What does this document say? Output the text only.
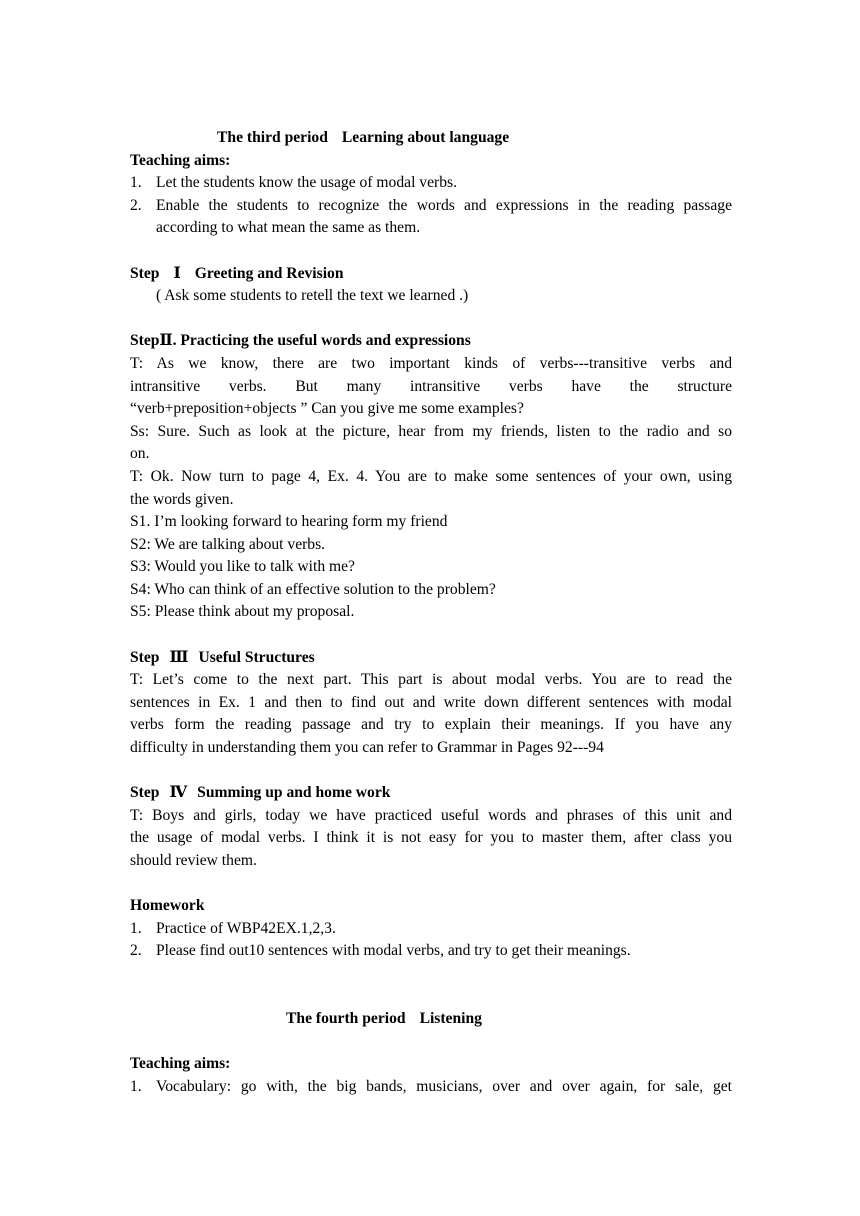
The third period Learning about language
Teaching aims:
1. Let the students know the usage of modal verbs.
2. Enable the students to recognize the words and expressions in the reading passage
according to what mean the same as them.
Step Ⅰ Greeting and Revision
( Ask some students to retell the text we learned .)
StepⅡ. Practicing the useful words and expressions
T: As we know, there are two important kinds of verbs---transitive verbs and
intransitive verbs. But many intransitive verbs have the structure
“verb+preposition+objects ” Can you give me some examples?
Ss: Sure. Such as look at the picture, hear from my friends, listen to the radio and so
on.
T: Ok. Now turn to page 4, Ex. 4. You are to make some sentences of your own, using
the words given.
S1. I’m looking forward to hearing form my friend
S2: We are talking about verbs.
S3: Would you like to talk with me?
S4: Who can think of an effective solution to the problem?
S5: Please think about my proposal.
Step Ⅲ Useful Structures
T: Let’s come to the next part. This part is about modal verbs. You are to read the
sentences in Ex. 1 and then to find out and write down different sentences with modal
verbs form the reading passage and try to explain their meanings. If you have any
difficulty in understanding them you can refer to Grammar in Pages 92---94
Step Ⅳ Summing up and home work
T: Boys and girls, today we have practiced useful words and phrases of this unit and
the usage of modal verbs. I think it is not easy for you to master them, after class you
should review them.
Homework
1. Practice of WBP42EX.1,2,3.
2. Please find out10 sentences with modal verbs, and try to get their meanings.
The fourth period Listening
Teaching aims:
1. Vocabulary: go with, the big bands, musicians, over and over again, for sale, get
